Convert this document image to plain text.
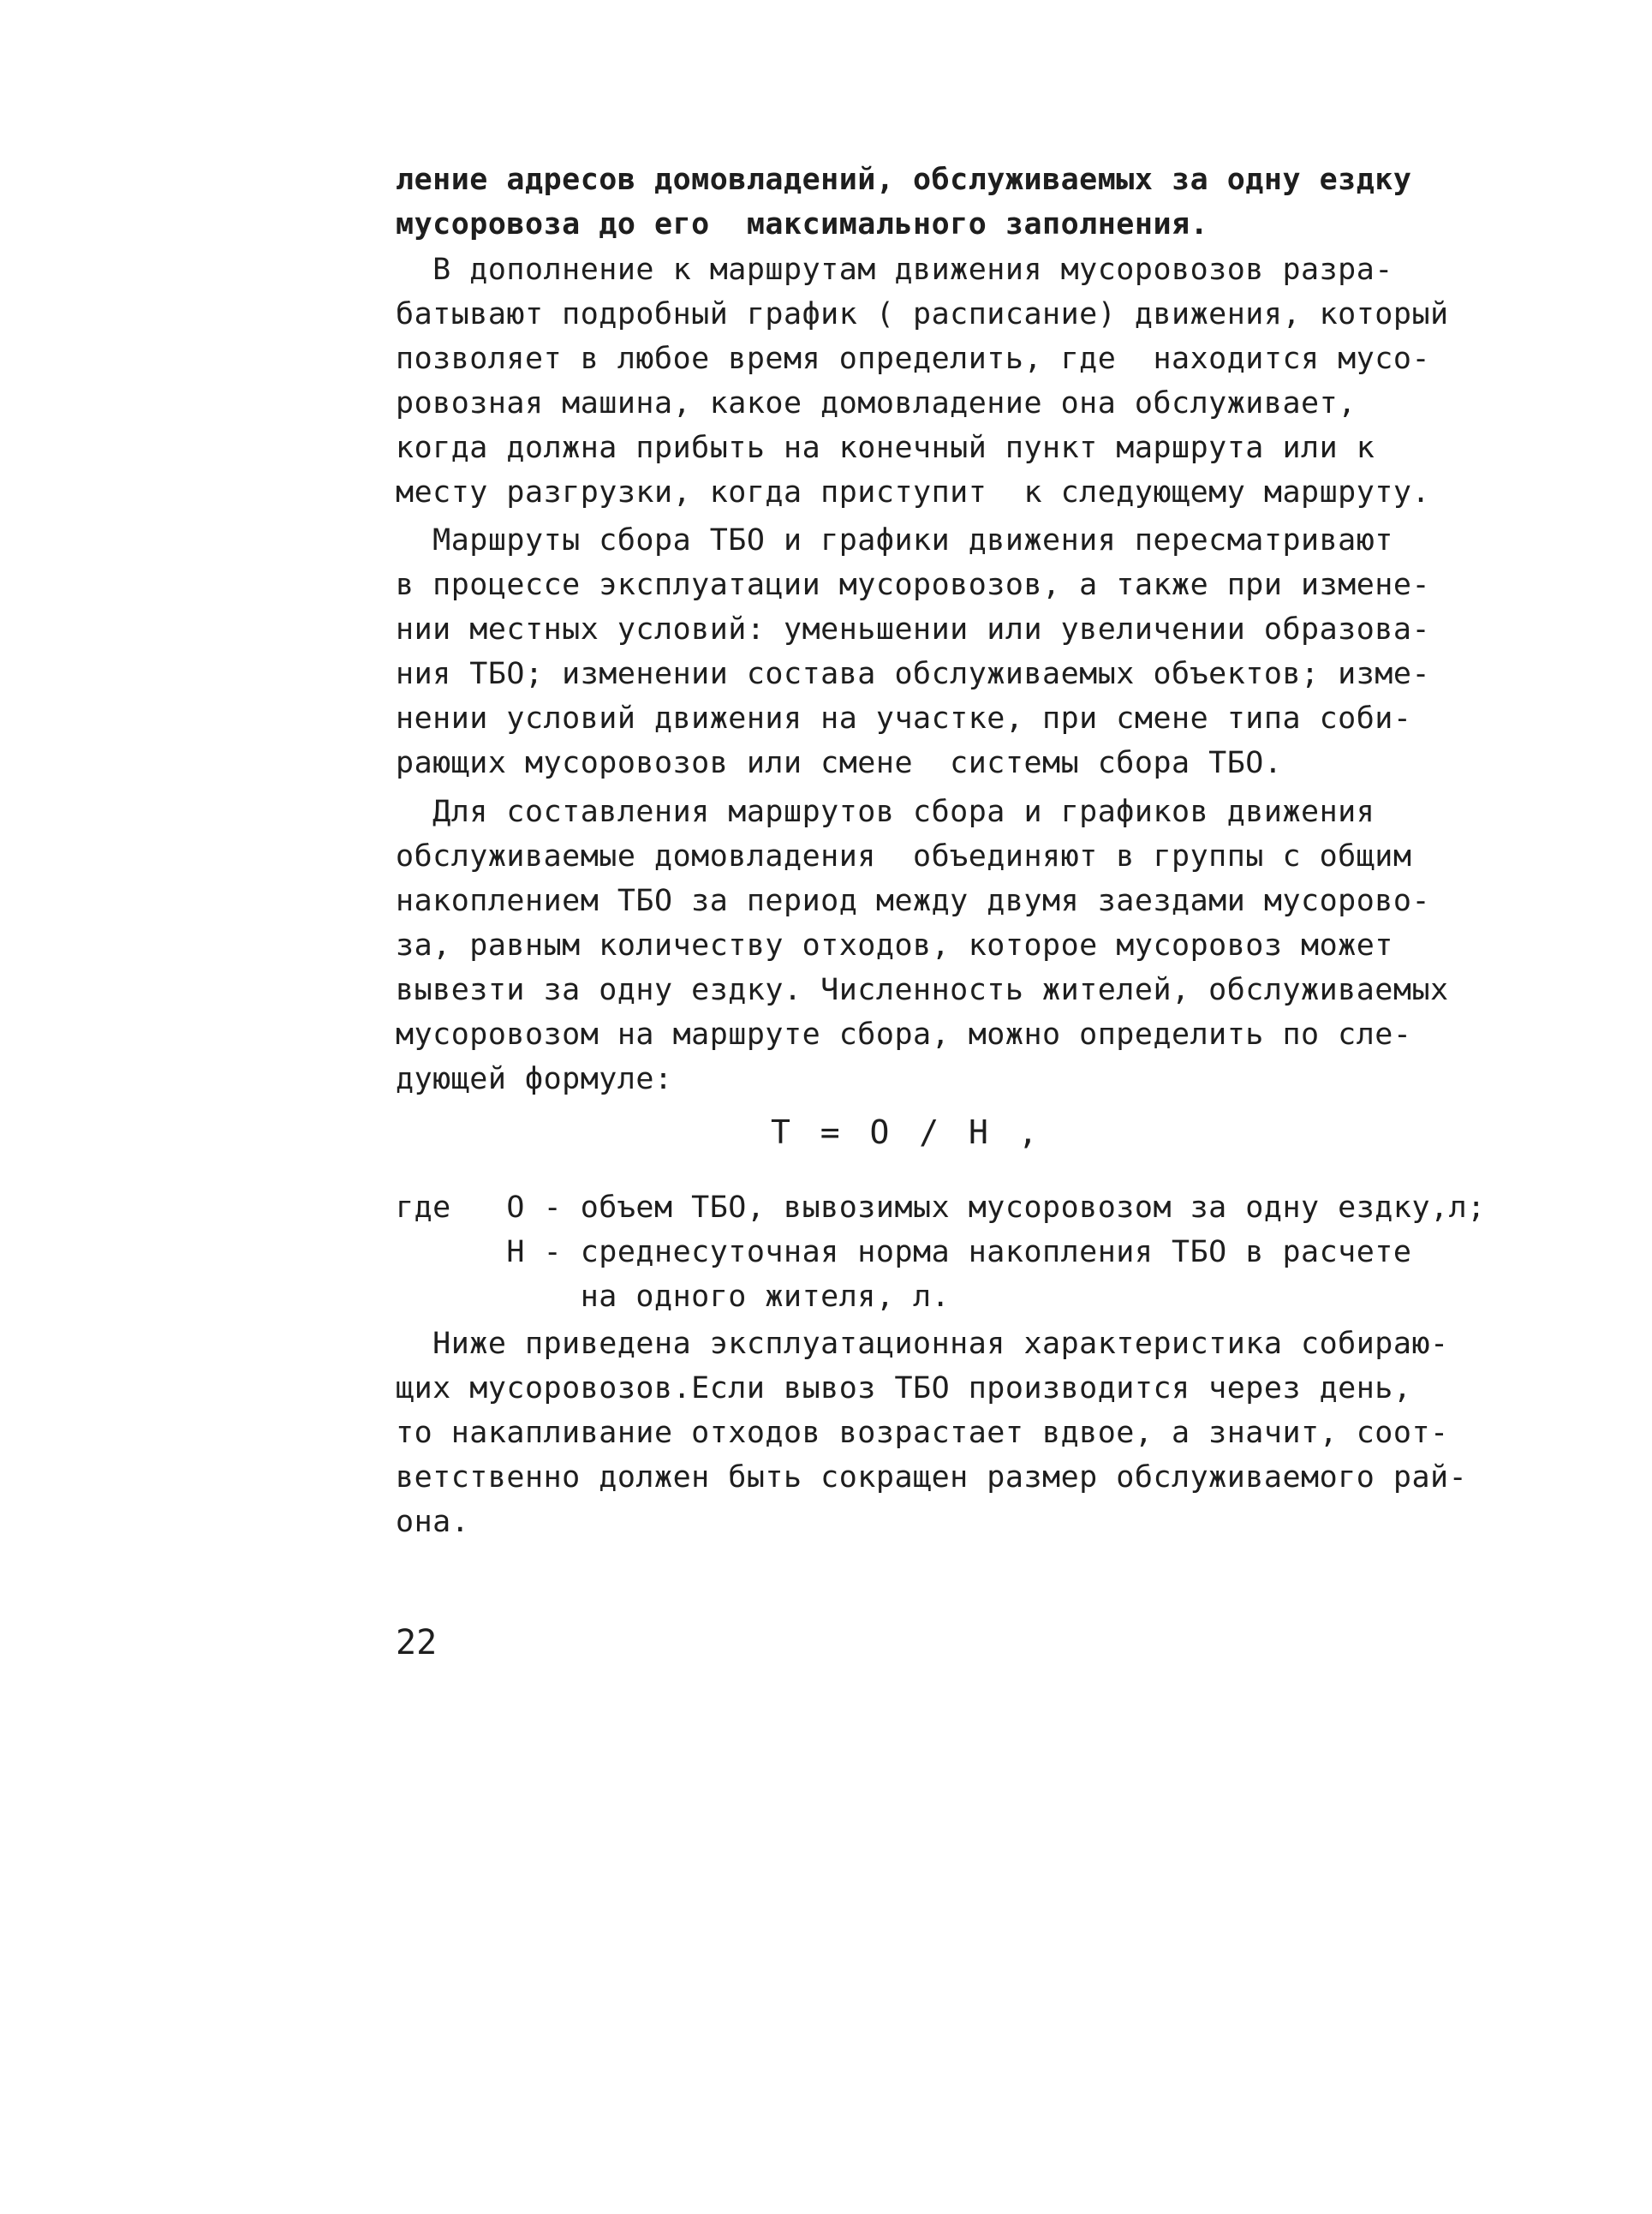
ление адресов домовладений, обслуживаемых за одну ездку
мусоровоза до его  максимального заполнения.
В дополнение к маршрутам движения мусоровозов разра-
батывают подробный график ( расписание) движения, который
позволяет в любое время определить, где  находится мусо-
ровозная машина, какое домовладение она обслуживает,
когда должна прибыть на конечный пункт маршрута или к
месту разгрузки, когда приступит  к следующему маршруту.
Маршруты сбора ТБО и графики движения пересматривают
в процессе эксплуатации мусоровозов, а также при измене-
нии местных условий: уменьшении или увеличении образова-
ния ТБО; изменении состава обслуживаемых объектов; изме-
нении условий движения на участке, при смене типа соби-
рающих мусоровозов или смене  системы сбора ТБО.
Для составления маршрутов сбора и графиков движения
обслуживаемые домовладения  объединяют в группы с общим
накоплением ТБО за период между двумя заездами мусорово-
за, равным количеству отходов, которое мусоровоз может
вывезти за одну ездку. Численность жителей, обслуживаемых
мусоровозом на маршруте сбора, можно определить по сле-
дующей формуле:
Т = О / Н ,
где   О - объем ТБО, вывозимых мусоровозом за одну ездку,л;
Н - среднесуточная норма накопления ТБО в расчете
на одного жителя, л.
Ниже приведена эксплуатационная характеристика собираю-
щих мусоровозов.Если вывоз ТБО производится через день,
то накапливание отходов возрастает вдвое, а значит, соот-
ветственно должен быть сокращен размер обслуживаемого рай-
она.
22
